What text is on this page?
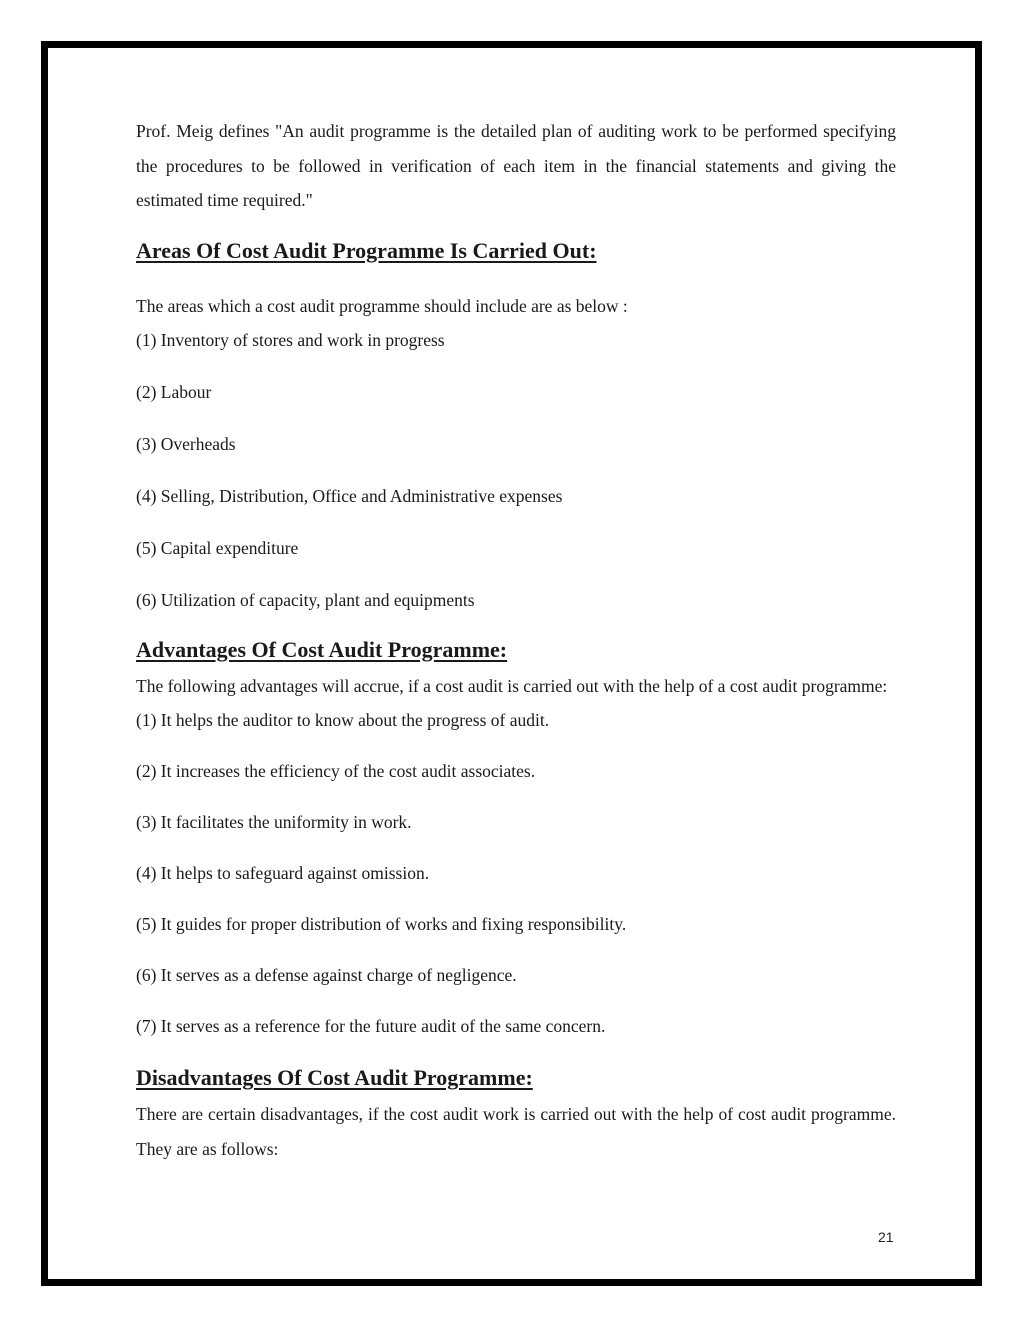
Prof. Meig defines "An audit programme is the detailed plan of auditing work to be performed specifying the procedures to be followed in verification of each item in the financial statements and giving the estimated time required."

Areas Of Cost Audit Programme Is Carried Out:

The areas which a cost audit programme should include are as below :

(1) Inventory of stores and work in progress

(2) Labour

(3) Overheads

(4) Selling, Distribution, Office and Administrative expenses

(5) Capital expenditure

(6) Utilization of capacity, plant and equipments

Advantages Of Cost Audit Programme:

The following advantages will accrue, if a cost audit is carried out with the help of a cost audit programme:

(1) It helps the auditor to know about the progress of audit.

(2) It increases the efficiency of the cost audit associates.

(3) It facilitates the uniformity in work.

(4) It helps to safeguard against omission.

(5) It guides for proper distribution of works and fixing responsibility.

(6) It serves as a defense against charge of negligence.

(7) It serves as a reference for the future audit of the same concern.

Disadvantages Of Cost Audit Programme:

There are certain disadvantages, if the cost audit work is carried out with the help of cost audit programme. They are as follows:

21
